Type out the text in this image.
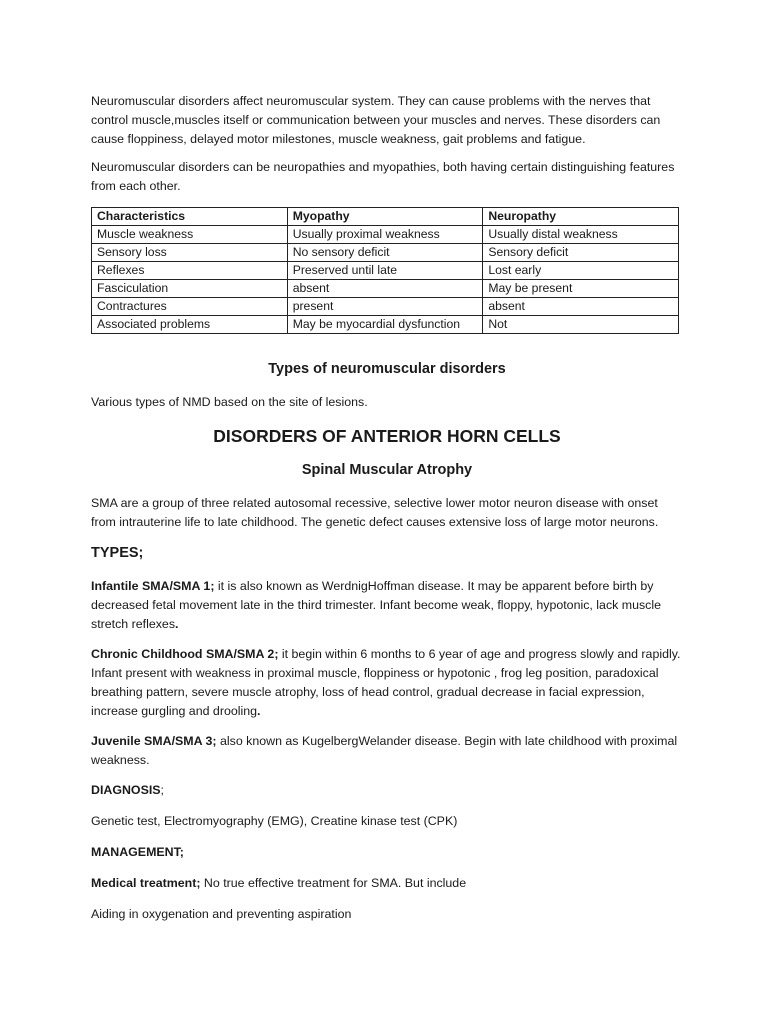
Neuromuscular disorders affect neuromuscular system. They can cause problems with the nerves that control muscle,muscles itself or communication between your muscles and nerves. These disorders can cause floppiness, delayed motor milestones, muscle weakness, gait problems and fatigue.

Neuromuscular disorders can be neuropathies and myopathies, both having certain distinguishing features from each other.

Characteristics	Myopathy	Neuropathy
Muscle weakness	Usually proximal weakness	Usually distal weakness
Sensory loss	No sensory deficit	Sensory deficit
Reflexes	Preserved until late	Lost early
Fasciculation	absent	May be present
Contractures	present	absent
Associated problems	May be myocardial dysfunction	Not

Types of neuromuscular disorders

Various types of NMD based on the site of lesions.

DISORDERS OF ANTERIOR HORN CELLS

Spinal Muscular Atrophy

SMA are a group of three related autosomal recessive, selective lower motor neuron disease with onset from intrauterine life to late childhood. The genetic defect causes extensive loss of large motor neurons.

TYPES;

Infantile SMA/SMA 1; it is also known as WerdnigHoffman disease. It may be apparent before birth by decreased fetal movement late in the third trimester. Infant become weak, floppy, hypotonic, lack muscle stretch reflexes.

Chronic Childhood SMA/SMA 2; it begin within 6 months to 6 year of age and progress slowly and rapidly. Infant present with weakness in proximal muscle, floppiness or hypotonic , frog leg position, paradoxical breathing pattern, severe muscle atrophy, loss of head control, gradual decrease in facial expression, increase gurgling and drooling.

Juvenile SMA/SMA 3; also known as KugelbergWelander disease. Begin with late childhood with proximal weakness.

DIAGNOSIS;

Genetic test, Electromyography (EMG), Creatine kinase test (CPK)

MANAGEMENT;

Medical treatment; No true effective treatment for SMA. But include

Aiding in oxygenation and preventing aspiration
